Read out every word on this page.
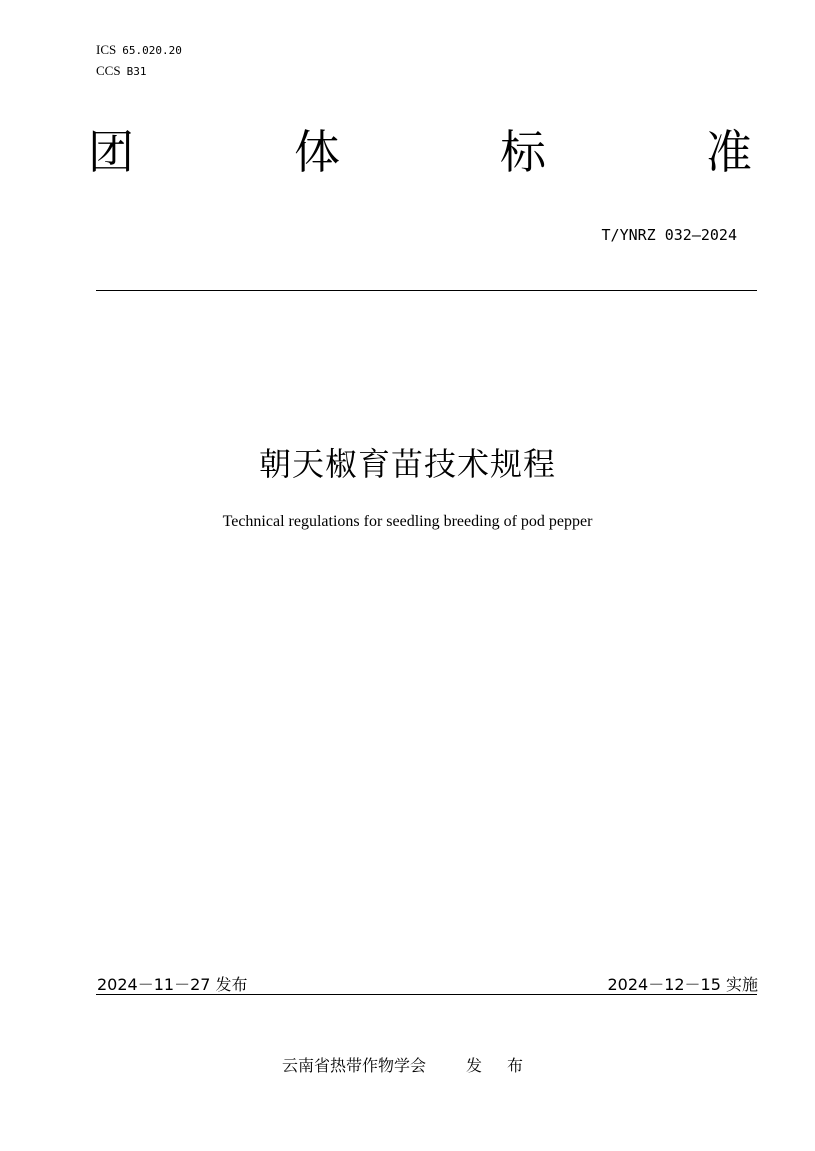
ICS 65.020.20
CCS B31
团	体	标	准
T/YNRZ 032—2024
朝天椒育苗技术规程
Technical regulations for seedling breeding of pod pepper
2024－11－27 发布	2024－12－15 实施
云南省热带作物学会	发 布
